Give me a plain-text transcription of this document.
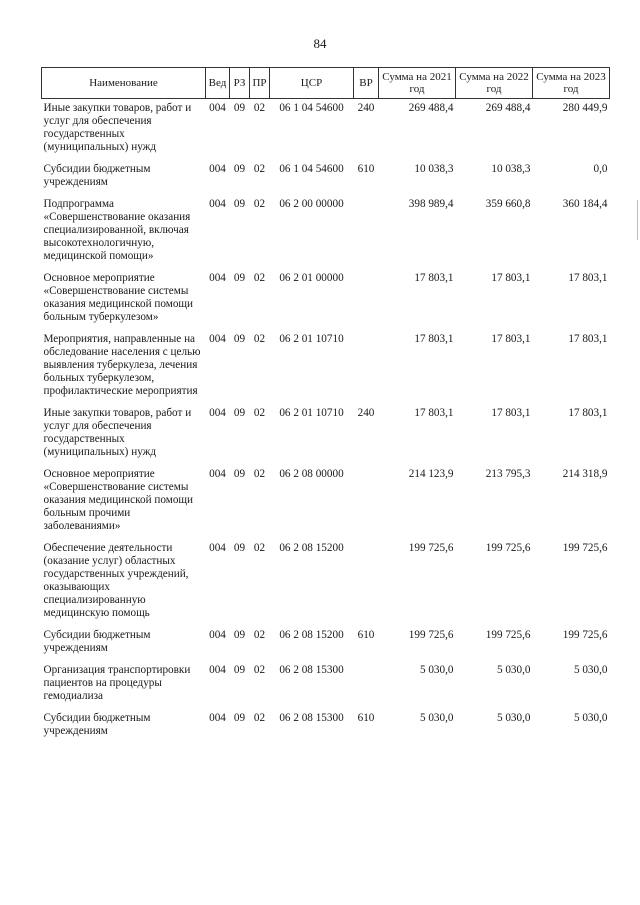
84
Наименование	Вед	РЗ	ПР	ЦСР	ВР	Сумма на 2021 год	Сумма на 2022 год	Сумма на 2023 год
Иные закупки товаров, работ и услуг для обеспечения государственных (муниципальных) нужд	004	09	02	06 1 04 54600	240	269 488,4	269 488,4	280 449,9
Субсидии бюджетным учреждениям	004	09	02	06 1 04 54600	610	10 038,3	10 038,3	0,0
Подпрограмма «Совершенствование оказания специализированной, включая высокотехнологичную, медицинской помощи»	004	09	02	06 2 00 00000		398 989,4	359 660,8	360 184,4
Основное мероприятие «Совершенствование системы оказания медицинской помощи больным туберкулезом»	004	09	02	06 2 01 00000		17 803,1	17 803,1	17 803,1
Мероприятия, направленные на обследование населения с целью выявления туберкулеза, лечения больных туберкулезом, профилактические мероприятия	004	09	02	06 2 01 10710		17 803,1	17 803,1	17 803,1
Иные закупки товаров, работ и услуг для обеспечения государственных (муниципальных) нужд	004	09	02	06 2 01 10710	240	17 803,1	17 803,1	17 803,1
Основное мероприятие «Совершенствование системы оказания медицинской помощи больным прочими заболеваниями»	004	09	02	06 2 08 00000		214 123,9	213 795,3	214 318,9
Обеспечение деятельности (оказание услуг) областных государственных учреждений, оказывающих специализированную медицинскую помощь	004	09	02	06 2 08 15200		199 725,6	199 725,6	199 725,6
Субсидии бюджетным учреждениям	004	09	02	06 2 08 15200	610	199 725,6	199 725,6	199 725,6
Организация транспортировки пациентов на процедуры гемодиализа	004	09	02	06 2 08 15300		5 030,0	5 030,0	5 030,0
Субсидии бюджетным учреждениям	004	09	02	06 2 08 15300	610	5 030,0	5 030,0	5 030,0
